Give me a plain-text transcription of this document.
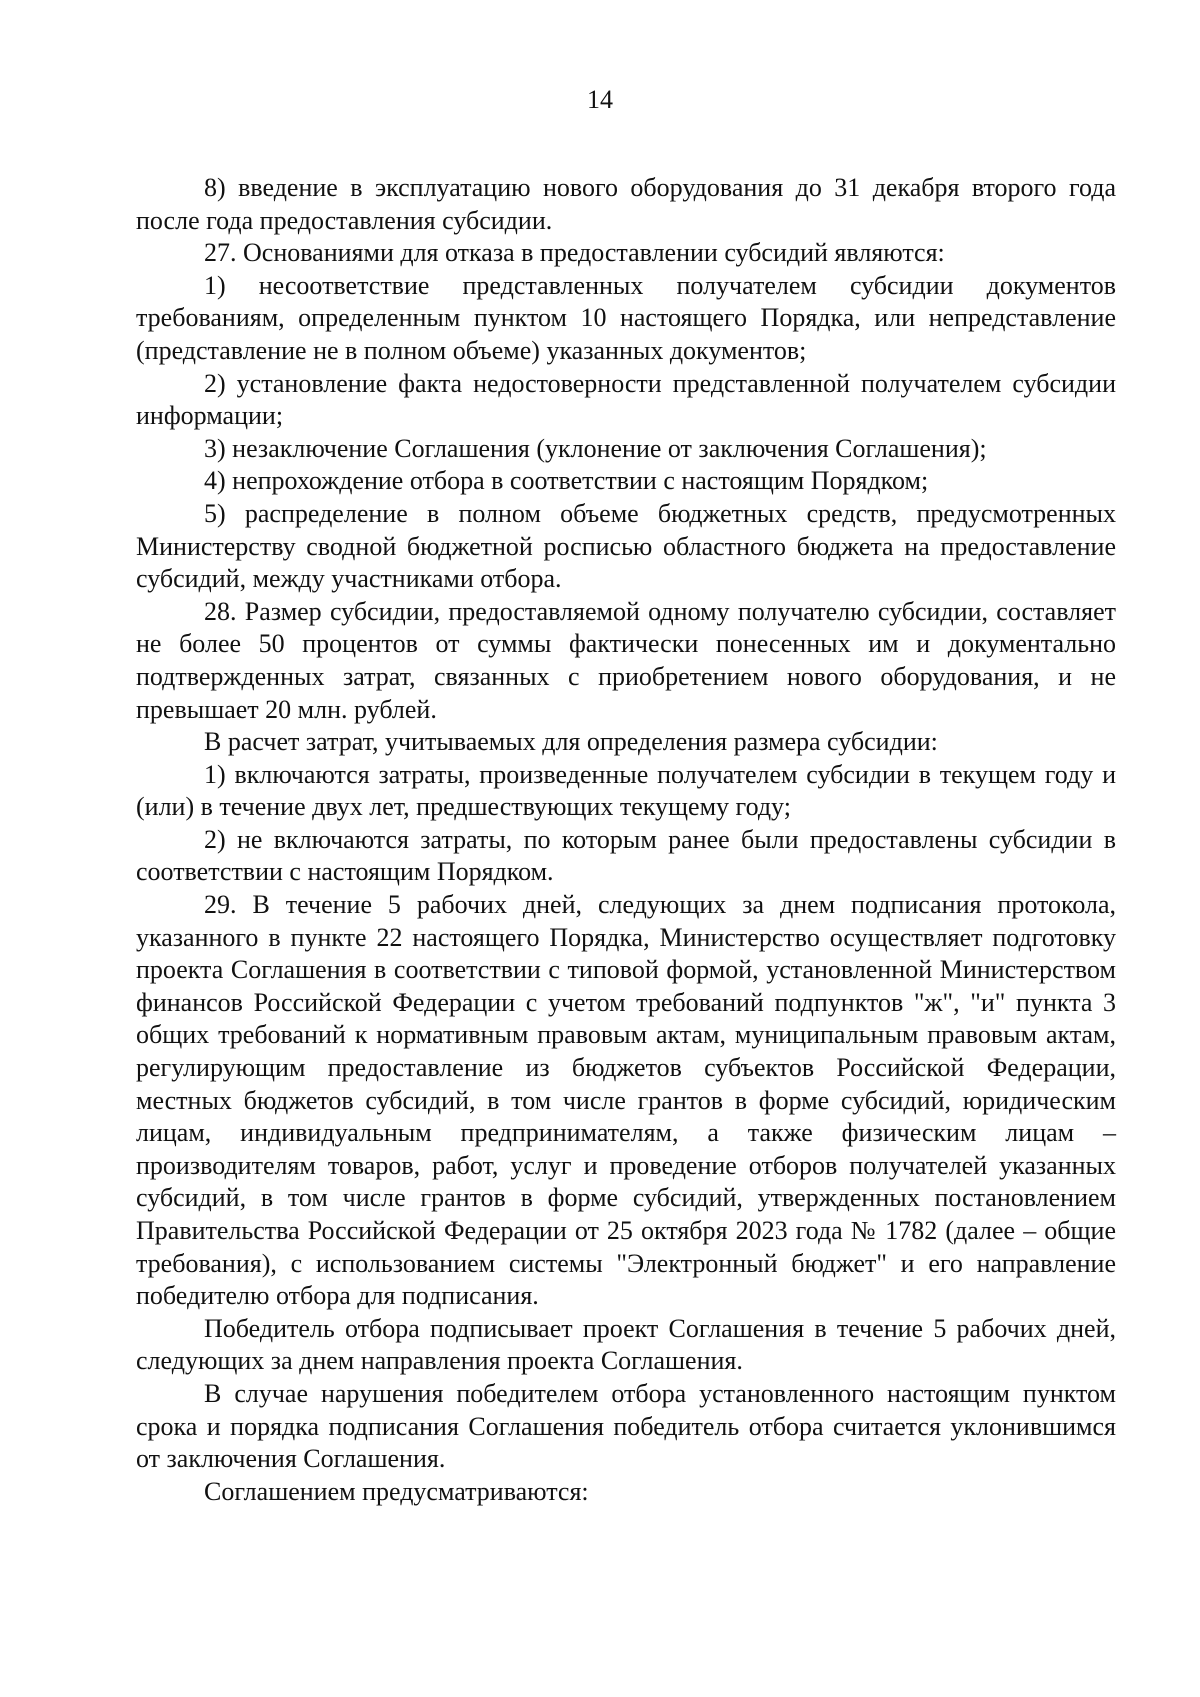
14

8) введение в эксплуатацию нового оборудования до 31 декабря второго года после года предоставления субсидии.

27. Основаниями для отказа в предоставлении субсидий являются:

1) несоответствие представленных получателем субсидии документов требованиям, определенным пунктом 10 настоящего Порядка, или непредставление (представление не в полном объеме) указанных документов;

2) установление факта недостоверности представленной получателем субсидии информации;

3) незаключение Соглашения (уклонение от заключения Соглашения);

4) непрохождение отбора в соответствии с настоящим Порядком;

5) распределение в полном объеме бюджетных средств, предусмотренных Министерству сводной бюджетной росписью областного бюджета на предоставление субсидий, между участниками отбора.

28. Размер субсидии, предоставляемой одному получателю субсидии, составляет не более 50 процентов от суммы фактически понесенных им и документально подтвержденных затрат, связанных с приобретением нового оборудования, и не превышает 20 млн. рублей.

В расчет затрат, учитываемых для определения размера субсидии:

1) включаются затраты, произведенные получателем субсидии в текущем году и (или) в течение двух лет, предшествующих текущему году;

2) не включаются затраты, по которым ранее были предоставлены субсидии в соответствии с настоящим Порядком.

29. В течение 5 рабочих дней, следующих за днем подписания протокола, указанного в пункте 22 настоящего Порядка, Министерство осуществляет подготовку проекта Соглашения в соответствии с типовой формой, установленной Министерством финансов Российской Федерации с учетом требований подпунктов "ж", "и" пункта 3 общих требований к нормативным правовым актам, муниципальным правовым актам, регулирующим предоставление из бюджетов субъектов Российской Федерации, местных бюджетов субсидий, в том числе грантов в форме субсидий, юридическим лицам, индивидуальным предпринимателям, а также физическим лицам – производителям товаров, работ, услуг и проведение отборов получателей указанных субсидий, в том числе грантов в форме субсидий, утвержденных постановлением Правительства Российской Федерации от 25 октября 2023 года № 1782 (далее – общие требования), с использованием системы "Электронный бюджет" и его направление победителю отбора для подписания.

Победитель отбора подписывает проект Соглашения в течение 5 рабочих дней, следующих за днем направления проекта Соглашения.

В случае нарушения победителем отбора установленного настоящим пунктом срока и порядка подписания Соглашения победитель отбора считается уклонившимся от заключения Соглашения.

Соглашением предусматриваются:
